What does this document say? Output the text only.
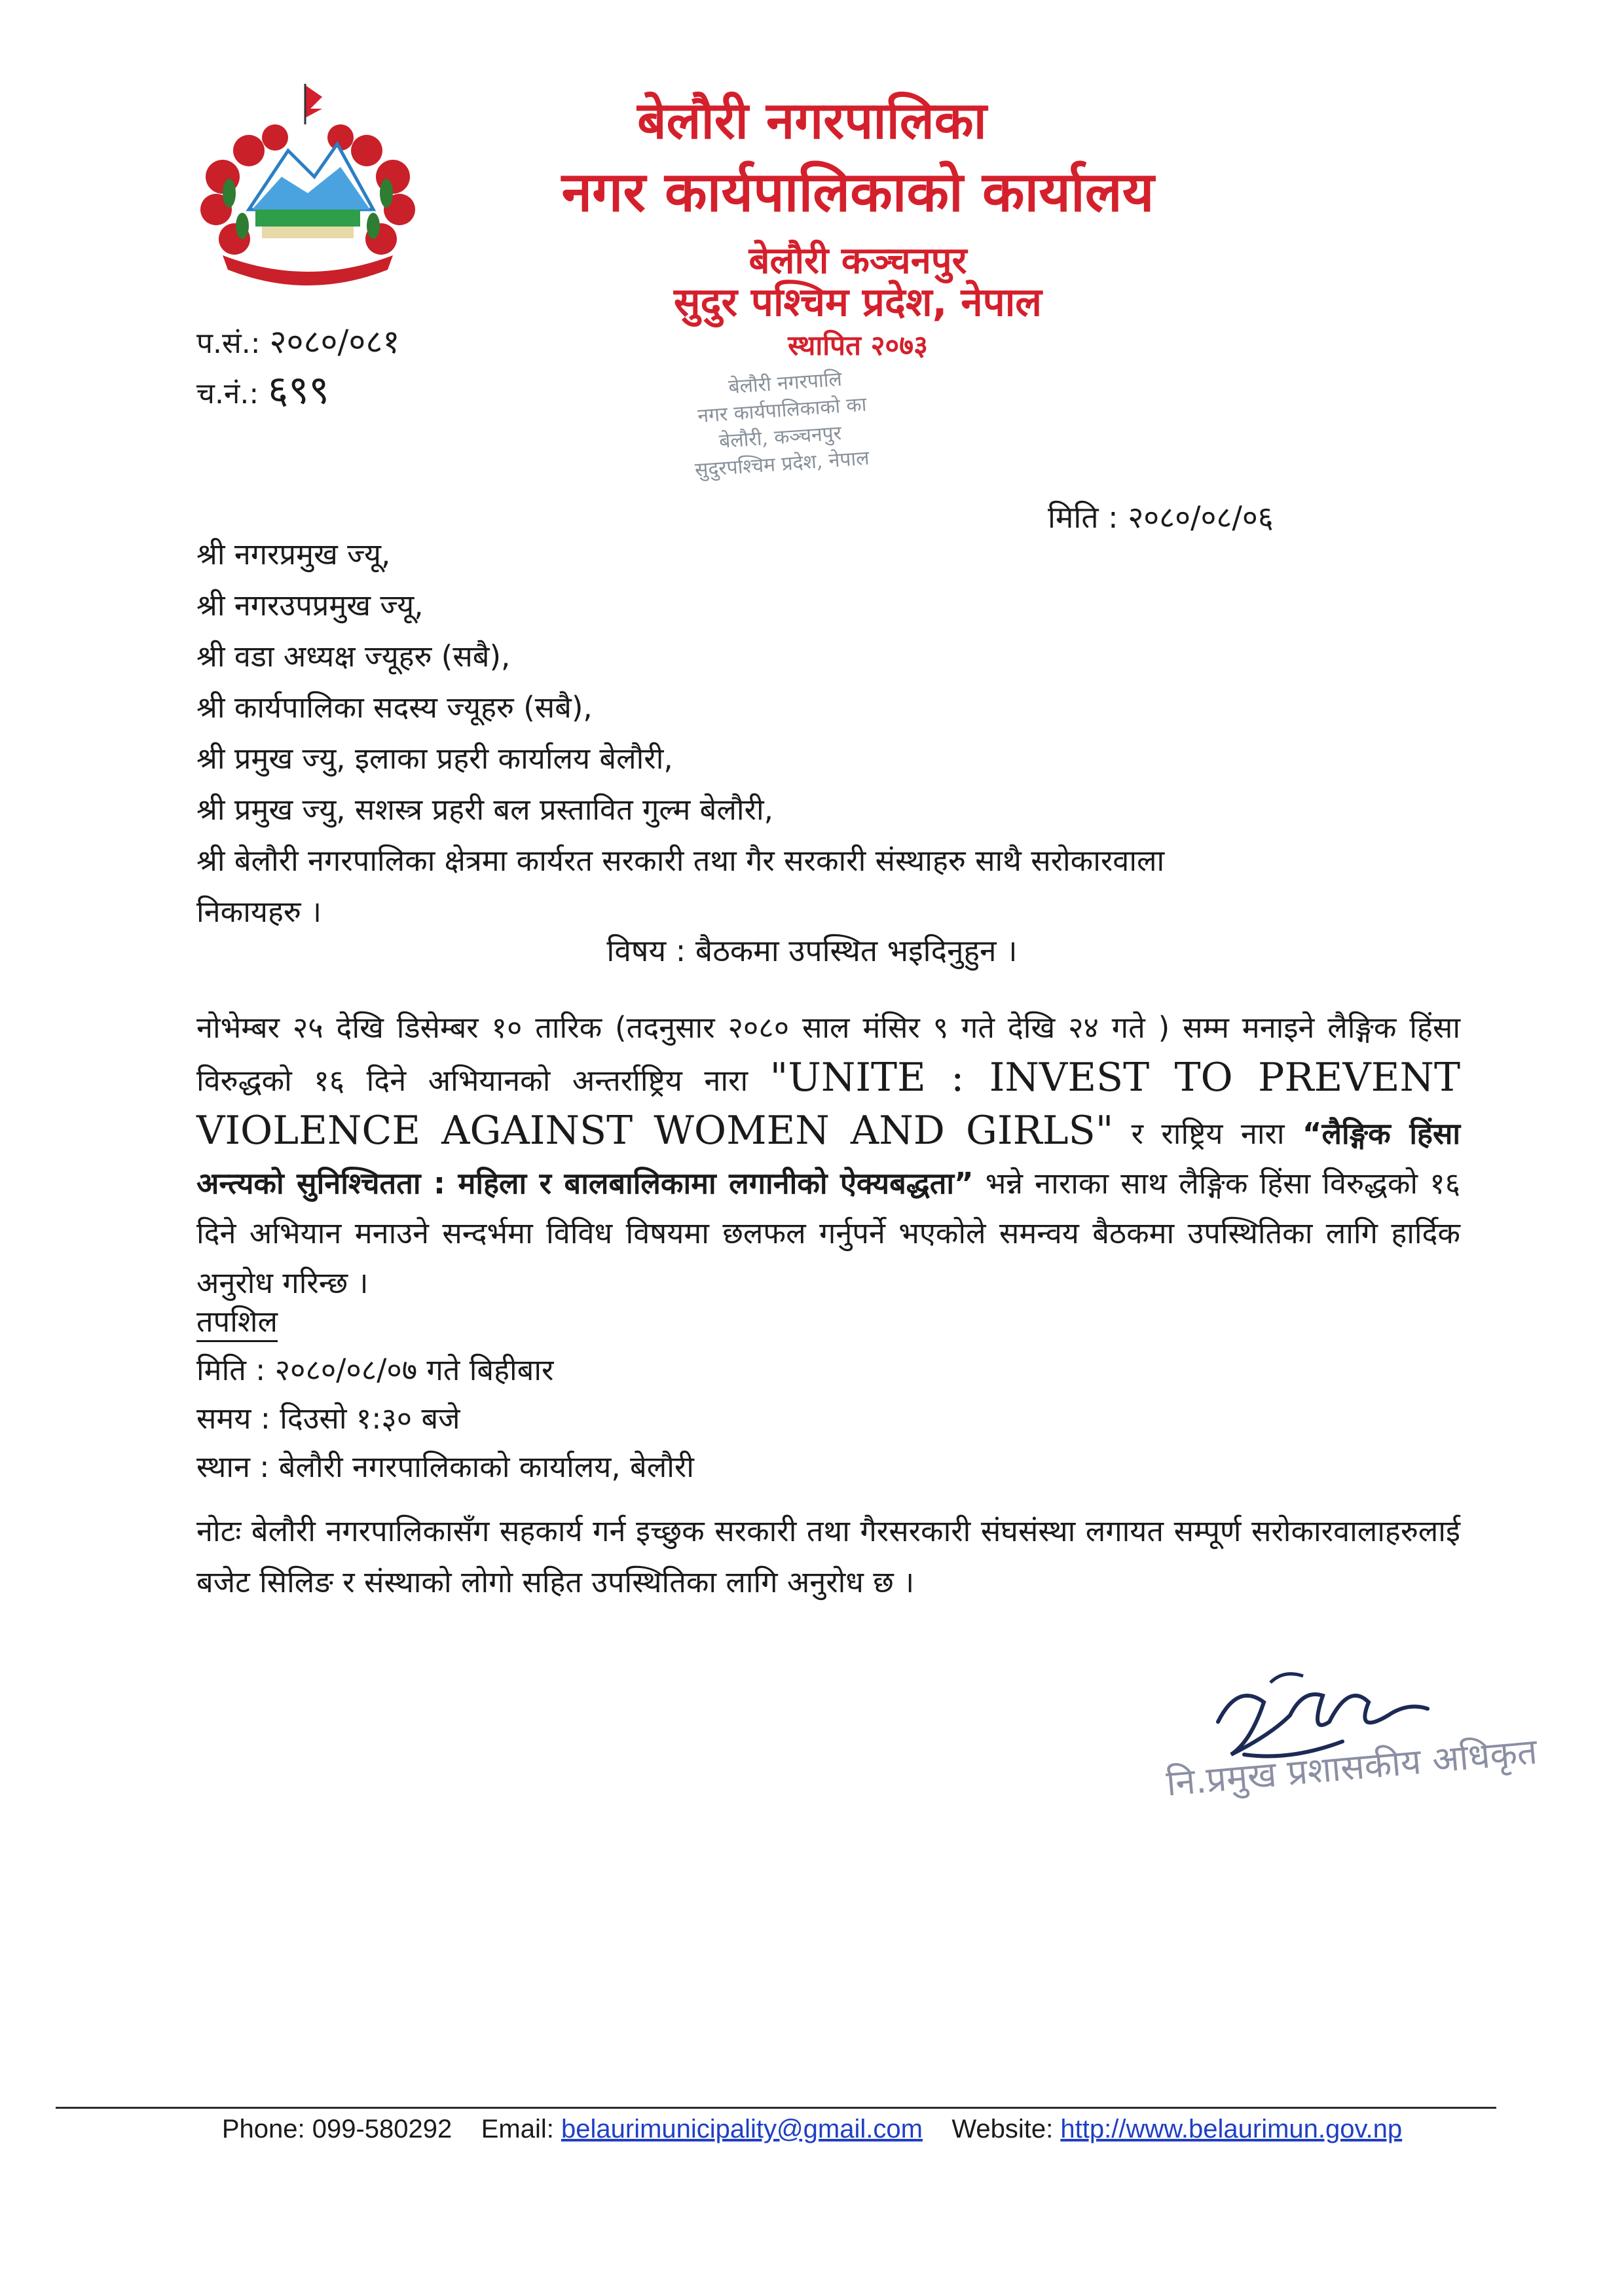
बेलौरी नगरपालिका
नगर कार्यपालिकाको कार्यालय
बेलौरी कञ्चनपुर
सुदुर पश्चिम प्रदेश, नेपाल
स्थापित २०७३
प.सं.: २०८०/०८१
च.नं.: ६९९	बेलौरी नगरपालि
नगर कार्यपालिकाको का
बेलौरी, कञ्चनपुर
सुदुरपश्चिम प्रदेश, नेपाल
मिति : २०८०/०८/०६
श्री नगरप्रमुख ज्यू,
श्री नगरउपप्रमुख ज्यू,
श्री वडा अध्यक्ष ज्यूहरु (सबै),
श्री कार्यपालिका सदस्य ज्यूहरु (सबै),
श्री प्रमुख ज्यु, इलाका प्रहरी कार्यालय बेलौरी,
श्री प्रमुख ज्यु, सशस्त्र प्रहरी बल प्रस्तावित गुल्म बेलौरी,
श्री बेलौरी नगरपालिका क्षेत्रमा कार्यरत सरकारी तथा गैर सरकारी संस्थाहरु साथै सरोकारवाला
निकायहरु ।
विषय : बैठकमा उपस्थित भइदिनुहुन ।
नोभेम्बर २५ देखि डिसेम्बर १० तारिक (तदनुसार २०८० साल मंसिर ९ गते देखि २४ गते ) सम्म मनाइने लैङ्गिक हिंसा विरुद्धको १६ दिने अभियानको अन्तर्राष्ट्रिय नारा "UNITE : INVEST TO PREVENT VIOLENCE AGAINST WOMEN AND GIRLS" र राष्ट्रिय नारा “लैङ्गिक हिंसा अन्त्यको सुनिश्चितता : महिला र बालबालिकामा लगानीको ऐक्यबद्धता” भन्ने नाराका साथ लैङ्गिक हिंसा विरुद्धको १६ दिने अभियान मनाउने सन्दर्भमा विविध विषयमा छलफल गर्नुपर्ने भएकोले समन्वय बैठकमा उपस्थितिका लागि हार्दिक अनुरोध गरिन्छ ।
तपशिल
मिति : २०८०/०८/०७ गते बिहीबार
समय : दिउसो १:३० बजे
स्थान : बेलौरी नगरपालिकाको कार्यालय, बेलौरी
नोटः बेलौरी नगरपालिकासँग सहकार्य गर्न इच्छुक सरकारी तथा गैरसरकारी संघसंस्था लगायत सम्पूर्ण सरोकारवालाहरुलाई बजेट सिलिङ र संस्थाको लोगो सहित उपस्थितिका लागि अनुरोध छ ।
नि.प्रमुख प्रशासकीय अधिकृत
Phone: 099-580292 Email: belaurimunicipality@gmail.com Website: http://www.belaurimun.gov.np
